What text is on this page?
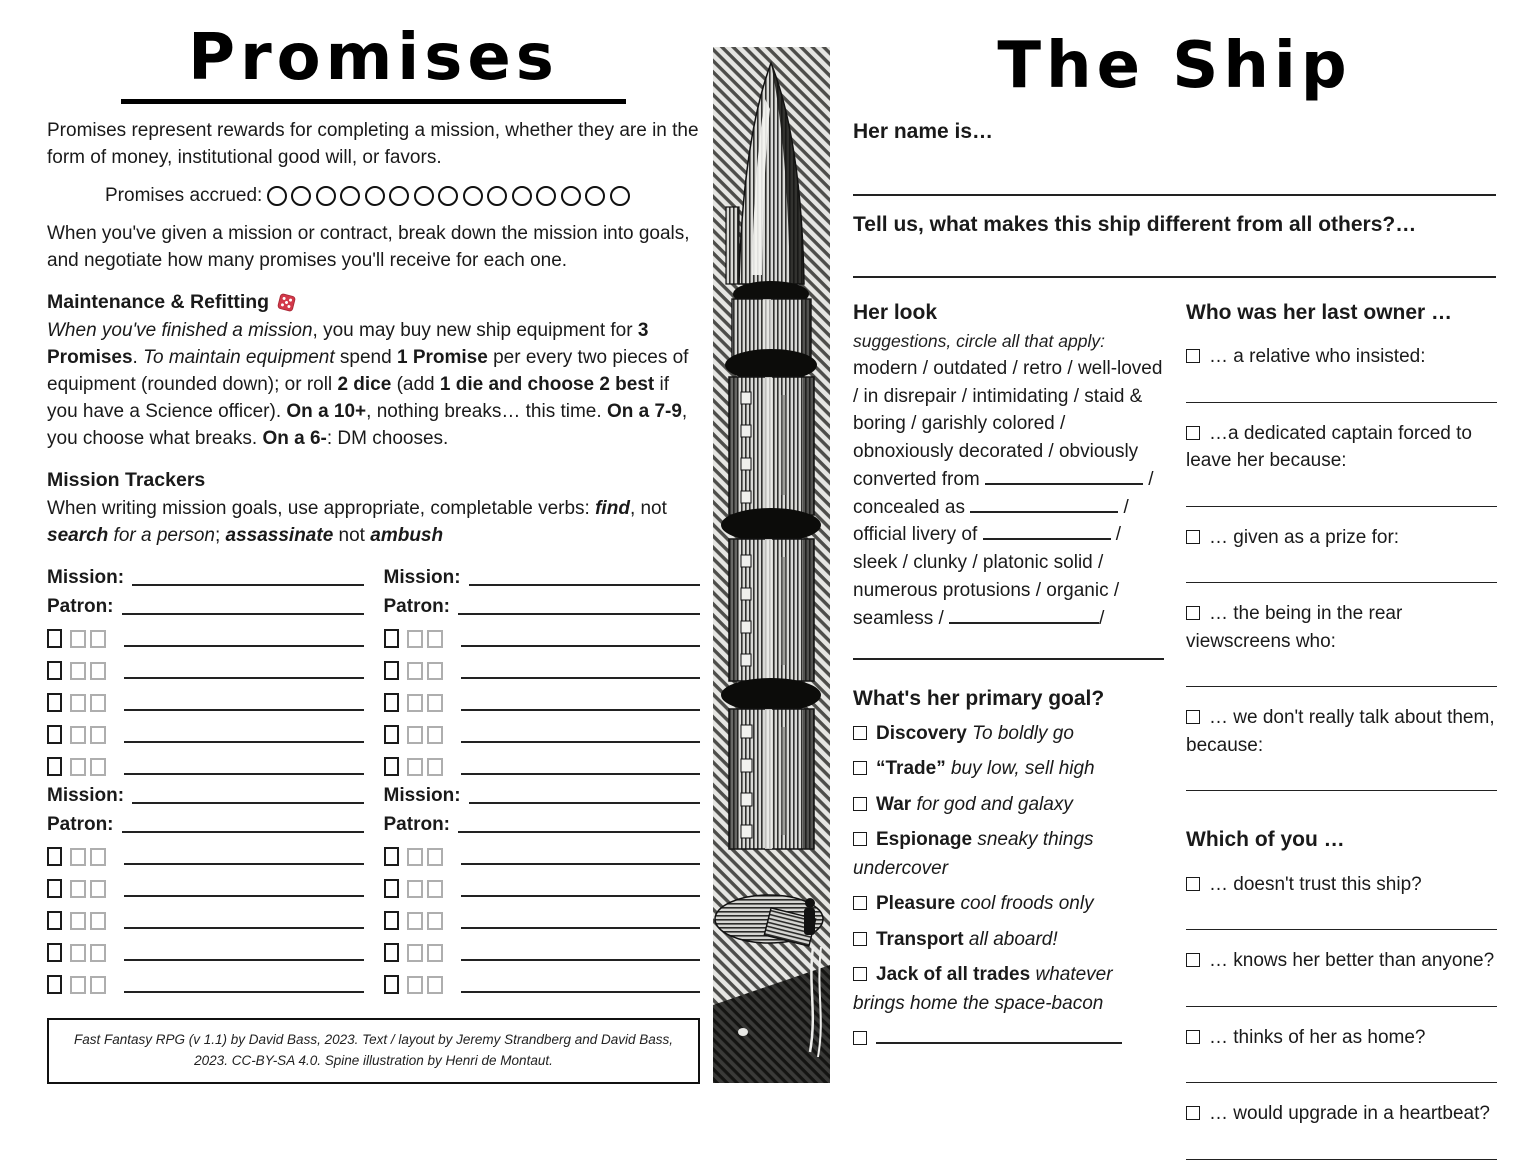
Promises
Promises represent rewards for completing a mission, whether they are in the form of money, institutional good will, or favors.
Promises accrued:
When you've given a mission or contract, break down the mission into goals, and negotiate how many promises you'll receive for each one.
Maintenance & Refitting
When you've finished a mission, you may buy new ship equipment for 3 Promises. To maintain equipment spend 1 Promise per every two pieces of equipment (rounded down); or roll 2 dice (add 1 die and choose 2 best if you have a Science officer). On a 10+, nothing breaks… this time. On a 7-9, you choose what breaks. On a 6-: DM chooses.
Mission Trackers
When writing mission goals, use appropriate, completable verbs: find, not search for a person; assassinate not ambush
Mission:
Patron:
Mission:
Patron:
Mission:
Patron:
Mission:
Patron:
Fast Fantasy RPG (v 1.1) by David Bass, 2023. Text / layout by Jeremy Strandberg and David Bass, 2023. CC-BY-SA 4.0. Spine illustration by Henri de Montaut.
The Ship
Her name is…
Tell us, what makes this ship different from all others?…
Her look
suggestions, circle all that apply:
modern / outdated / retro / well-loved / in disrepair / intimidating / staid & boring / garishly colored / obnoxiously decorated / obviously converted from	/ concealed as	/ official livery of	/ sleek / clunky / platonic solid / numerous protusions / organic / seamless /	/
What's her primary goal?
Discovery To boldly go
“Trade” buy low, sell high
War for god and galaxy
Espionage sneaky things undercover
Pleasure cool froods only
Transport all aboard!
Jack of all trades whatever brings home the space-bacon
Who was her last owner …
… a relative who insisted:
…a dedicated captain forced to leave her because:
… given as a prize for:
… the being in the rear viewscreens who:
… we don't really talk about them, because:
Which of you …
… doesn't trust this ship?
… knows her better than anyone?
… thinks of her as home?
… would upgrade in a heartbeat?
